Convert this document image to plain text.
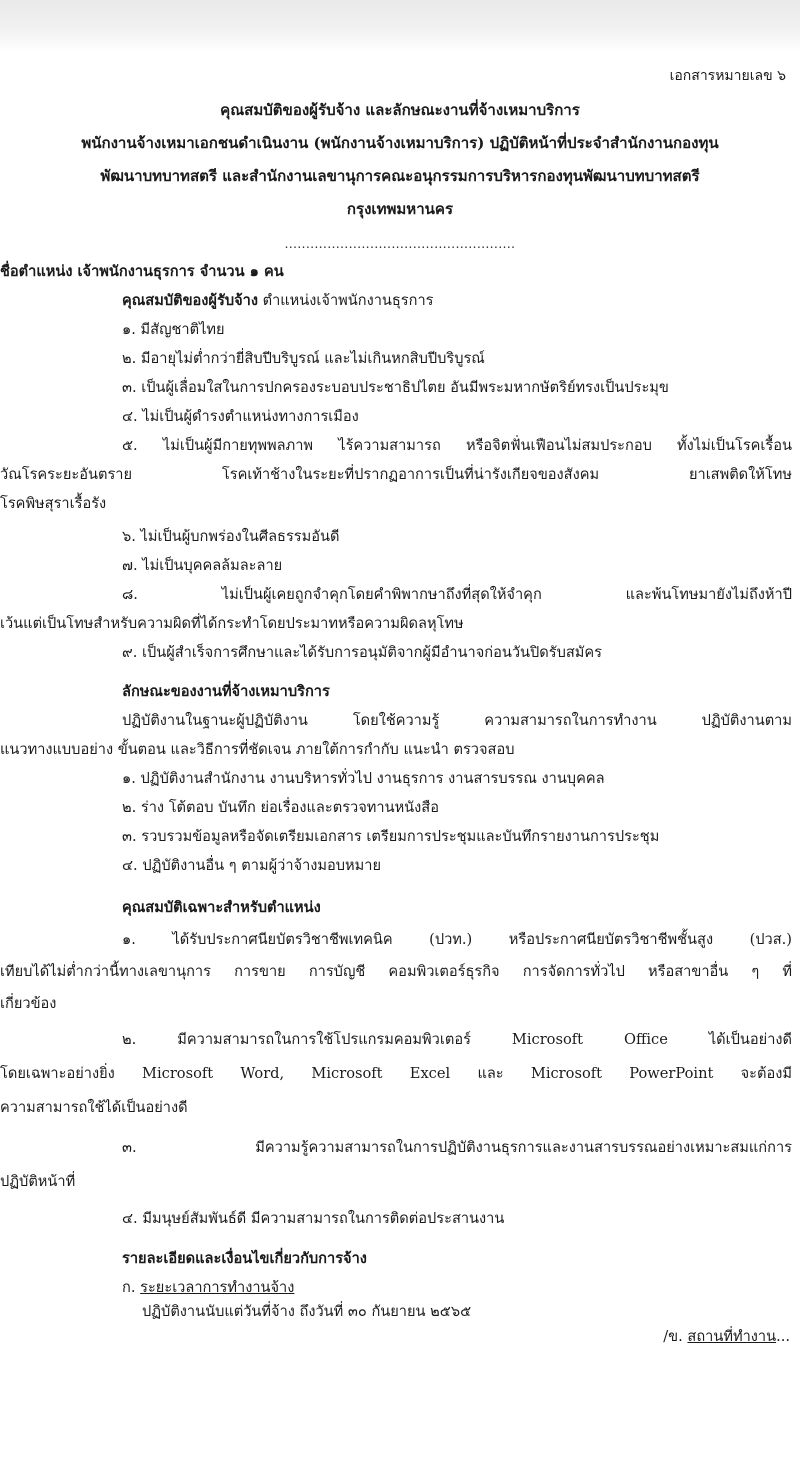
เอกสารหมายเลข ๖
คุณสมบัติของผู้รับจ้าง และลักษณะงานที่จ้างเหมาบริการ
พนักงานจ้างเหมาเอกชนดำเนินงาน (พนักงานจ้างเหมาบริการ) ปฏิบัติหน้าที่ประจำสำนักงานกองทุน
พัฒนาบทบาทสตรี และสำนักงานเลขานุการคณะอนุกรรมการบริหารกองทุนพัฒนาบทบาทสตรี
กรุงเทพมหานคร
......................................................
ชื่อตำแหน่ง เจ้าพนักงานธุรการ จำนวน ๑ คน
คุณสมบัติของผู้รับจ้าง ตำแหน่งเจ้าพนักงานธุรการ
๑. มีสัญชาติไทย
๒. มีอายุไม่ต่ำกว่ายี่สิบปีบริบูรณ์ และไม่เกินหกสิบปีบริบูรณ์
๓. เป็นผู้เลื่อมใสในการปกครองระบอบประชาธิปไตย อันมีพระมหากษัตริย์ทรงเป็นประมุข
๔. ไม่เป็นผู้ดำรงตำแหน่งทางการเมือง
๕. ไม่เป็นผู้มีกายทุพพลภาพ ไร้ความสามารถ หรือจิตฟั่นเฟือนไม่สมประกอบ ทั้งไม่เป็นโรคเรื้อน
วัณโรคระยะอันตราย โรคเท้าช้างในระยะที่ปรากฏอาการเป็นที่น่ารังเกียจของสังคม ยาเสพติดให้โทษ
โรคพิษสุราเรื้อรัง
๖. ไม่เป็นผู้บกพร่องในศีลธรรมอันดี
๗. ไม่เป็นบุคคลล้มละลาย
๘. ไม่เป็นผู้เคยถูกจำคุกโดยคำพิพากษาถึงที่สุดให้จำคุก และพ้นโทษมายังไม่ถึงห้าปี
เว้นแต่เป็นโทษสำหรับความผิดที่ได้กระทำโดยประมาทหรือความผิดลหุโทษ
๙. เป็นผู้สำเร็จการศึกษาและได้รับการอนุมัติจากผู้มีอำนาจก่อนวันปิดรับสมัคร
ลักษณะของงานที่จ้างเหมาบริการ
ปฏิบัติงานในฐานะผู้ปฏิบัติงาน โดยใช้ความรู้ ความสามารถในการทำงาน ปฏิบัติงานตาม
แนวทางแบบอย่าง ขั้นตอน และวิธีการที่ชัดเจน ภายใต้การกำกับ แนะนำ ตรวจสอบ
๑. ปฏิบัติงานสำนักงาน งานบริหารทั่วไป งานธุรการ งานสารบรรณ งานบุคคล
๒. ร่าง โต้ตอบ บันทึก ย่อเรื่องและตรวจทานหนังสือ
๓. รวบรวมข้อมูลหรือจัดเตรียมเอกสาร เตรียมการประชุมและบันทึกรายงานการประชุม
๔. ปฏิบัติงานอื่น ๆ ตามผู้ว่าจ้างมอบหมาย
คุณสมบัติเฉพาะสำหรับตำแหน่ง
๑. ได้รับประกาศนียบัตรวิชาชีพเทคนิค (ปวท.) หรือประกาศนียบัตรวิชาชีพชั้นสูง (ปวส.)
เทียบได้ไม่ต่ำกว่านี้ทางเลขานุการ การขาย การบัญชี คอมพิวเตอร์ธุรกิจ การจัดการทั่วไป หรือสาขาอื่น ๆ ที่
เกี่ยวข้อง
๒. มีความสามารถในการใช้โปรแกรมคอมพิวเตอร์ Microsoft Office ได้เป็นอย่างดี
โดยเฉพาะอย่างยิ่ง Microsoft Word, Microsoft Excel และ Microsoft PowerPoint จะต้องมี
ความสามารถใช้ได้เป็นอย่างดี
๓. มีความรู้ความสามารถในการปฏิบัติงานธุรการและงานสารบรรณอย่างเหมาะสมแก่การ
ปฏิบัติหน้าที่
๔. มีมนุษย์สัมพันธ์ดี มีความสามารถในการติดต่อประสานงาน
รายละเอียดและเงื่อนไขเกี่ยวกับการจ้าง
ก. ระยะเวลาการทำงานจ้าง
ปฏิบัติงานนับแต่วันที่จ้าง ถึงวันที่ ๓๐ กันยายน ๒๕๖๕
/ข. สถานที่ทำงาน...
